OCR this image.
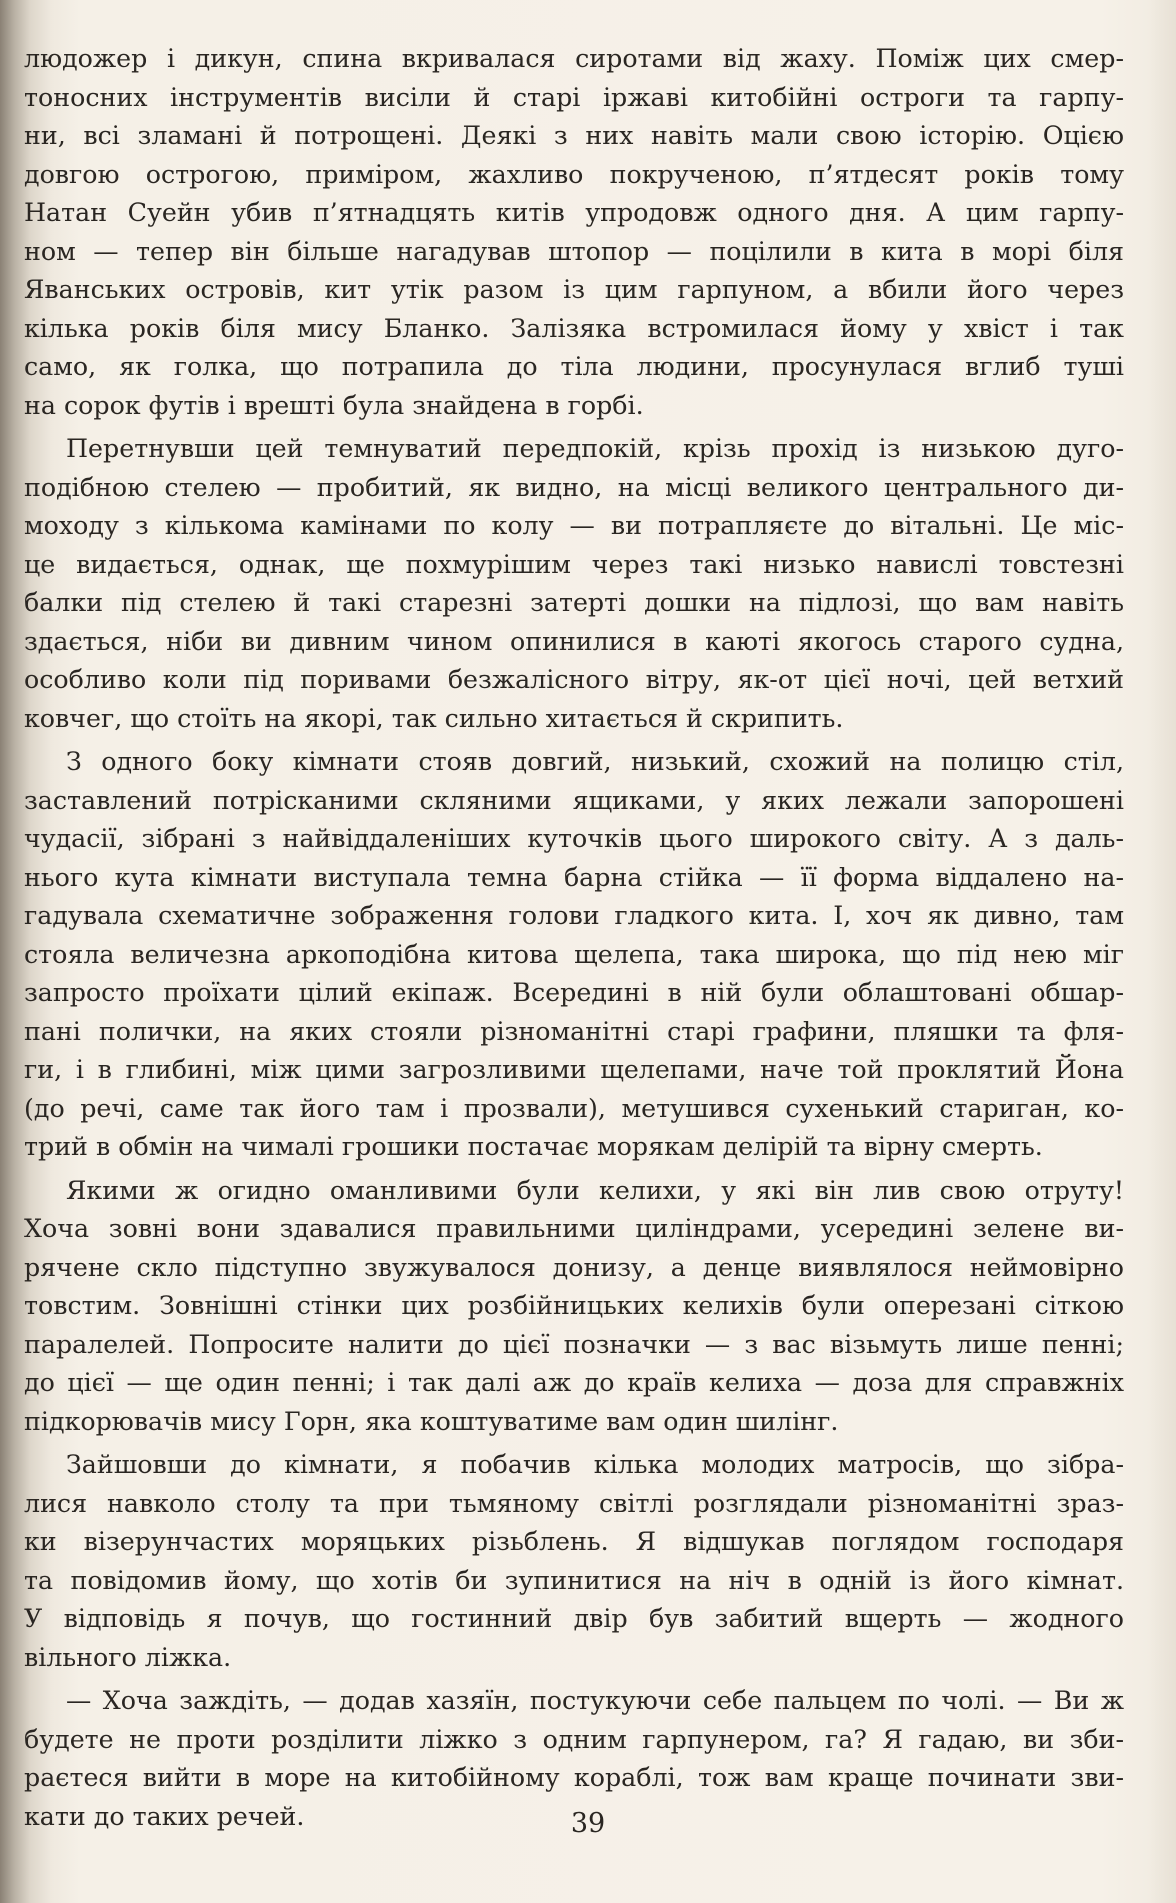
людожер і дикун, спина вкривалася сиротами від жаху. Поміж цих смер-
тоносних інструментів висіли й старі іржаві китобійні остроги та гарпу-
ни, всі зламані й потрощені. Деякі з них навіть мали свою історію. Оцією
довгою острогою, приміром, жахливо покрученою, п’ятдесят років тому
Натан Суейн убив п’ятнадцять китів упродовж одного дня. А цим гарпу-
ном — тепер він більше нагадував штопор — поцілили в кита в морі біля
Яванських островів, кит утік разом із цим гарпуном, а вбили його через
кілька років біля мису Бланко. Залізяка встромилася йому у хвіст і так
само, як голка, що потрапила до тіла людини, просунулася вглиб туші
на сорок футів і врешті була знайдена в горбі.
Перетнувши цей темнуватий передпокій, крізь прохід із низькою дуго-
подібною стелею — пробитий, як видно, на місці великого центрального ди-
моходу з кількома камінами по колу — ви потрапляєте до вітальні. Це міс-
це видається, однак, ще похмурішим через такі низько навислі товстезні
балки під стелею й такі старезні затерті дошки на підлозі, що вам навіть
здається, ніби ви дивним чином опинилися в каюті якогось старого судна,
особливо коли під поривами безжалісного вітру, як-от цієї ночі, цей ветхий
ковчег, що стоїть на якорі, так сильно хитається й скрипить.
З одного боку кімнати стояв довгий, низький, схожий на полицю стіл,
заставлений потрісканими скляними ящиками, у яких лежали запорошені
чудасії, зібрані з найвіддаленіших куточків цього широкого світу. А з даль-
нього кута кімнати виступала темна барна стійка — її форма віддалено на-
гадувала схематичне зображення голови гладкого кита. І, хоч як дивно, там
стояла величезна аркоподібна китова щелепа, така широка, що під нею міг
запросто проїхати цілий екіпаж. Всередині в ній були облаштовані обшар-
пані полички, на яких стояли різноманітні старі графини, пляшки та фля-
ги, і в глибині, між цими загрозливими щелепами, наче той проклятий Йона
(до речі, саме так його там і прозвали), метушився сухенький стариган, ко-
трий в обмін на чималі грошики постачає морякам делірій та вірну смерть.
Якими ж огидно оманливими були келихи, у які він лив свою отруту!
Хоча зовні вони здавалися правильними циліндрами, усередині зелене ви-
рячене скло підступно звужувалося донизу, а денце виявлялося неймовірно
товстим. Зовнішні стінки цих розбійницьких келихів були оперезані сіткою
паралелей. Попросите налити до цієї позначки — з вас візьмуть лише пенні;
до цієї — ще один пенні; і так далі аж до країв келиха — доза для справжніх
підкорювачів мису Горн, яка коштуватиме вам один шилінг.
Зайшовши до кімнати, я побачив кілька молодих матросів, що зібра-
лися навколо столу та при тьмяному світлі розглядали різноманітні зраз-
ки візерунчастих моряцьких різьблень. Я відшукав поглядом господаря
та повідомив йому, що хотів би зупинитися на ніч в одній із його кімнат.
У відповідь я почув, що гостинний двір був забитий вщерть — жодного
вільного ліжка.
— Хоча заждіть, — додав хазяїн, постукуючи себе пальцем по чолі. — Ви ж
будете не проти розділити ліжко з одним гарпунером, га? Я гадаю, ви зби-
раєтеся вийти в море на китобійному кораблі, тож вам краще починати зви-
кати до таких речей.	39
